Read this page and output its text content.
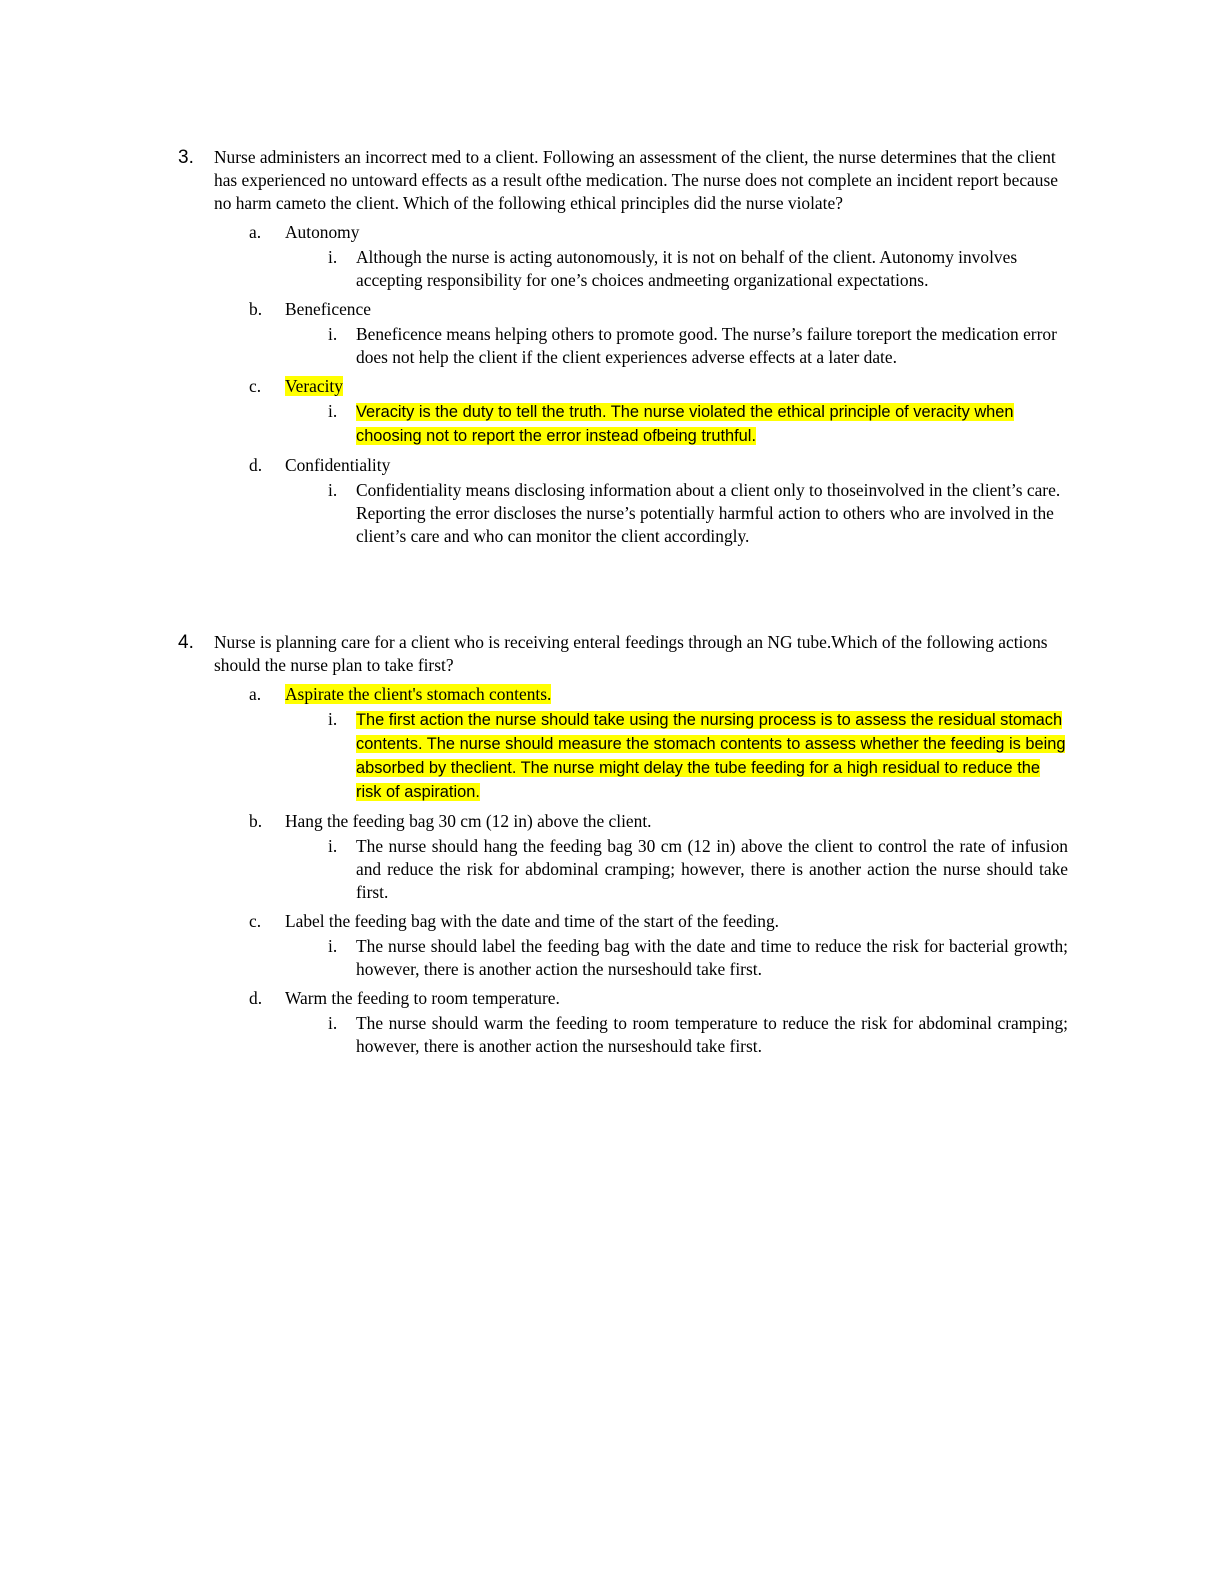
3. Nurse administers an incorrect med to a client. Following an assessment of the client, the nurse determines that the client has experienced no untoward effects as a result ofthe medication. The nurse does not complete an incident report because no harm cameto the client. Which of the following ethical principles did the nurse violate?
a. Autonomy
i. Although the nurse is acting autonomously, it is not on behalf of the client. Autonomy involves accepting responsibility for one’s choices andmeeting organizational expectations.
b. Beneficence
i. Beneficence means helping others to promote good. The nurse’s failure toreport the medication error does not help the client if the client experiences adverse effects at a later date.
c. Veracity
i. Veracity is the duty to tell the truth. The nurse violated the ethical principle of veracity when choosing not to report the error instead ofbeing truthful.
d. Confidentiality
i. Confidentiality means disclosing information about a client only to thoseinvolved in the client’s care. Reporting the error discloses the nurse’s potentially harmful action to others who are involved in the client’s care and who can monitor the client accordingly.
4. Nurse is planning care for a client who is receiving enteral feedings through an NG tube.Which of the following actions should the nurse plan to take first?
a. Aspirate the client's stomach contents.
i. The first action the nurse should take using the nursing process is to assess the residual stomach contents. The nurse should measure the stomach contents to assess whether the feeding is being absorbed by theclient. The nurse might delay the tube feeding for a high residual to reduce the risk of aspiration.
b. Hang the feeding bag 30 cm (12 in) above the client.
i. The nurse should hang the feeding bag 30 cm (12 in) above the client to control the rate of infusion and reduce the risk for abdominal cramping; however, there is another action the nurse should take first.
c. Label the feeding bag with the date and time of the start of the feeding.
i. The nurse should label the feeding bag with the date and time to reduce the risk for bacterial growth; however, there is another action the nurseshould take first.
d. Warm the feeding to room temperature.
i. The nurse should warm the feeding to room temperature to reduce the risk for abdominal cramping; however, there is another action the nurseshould take first.
